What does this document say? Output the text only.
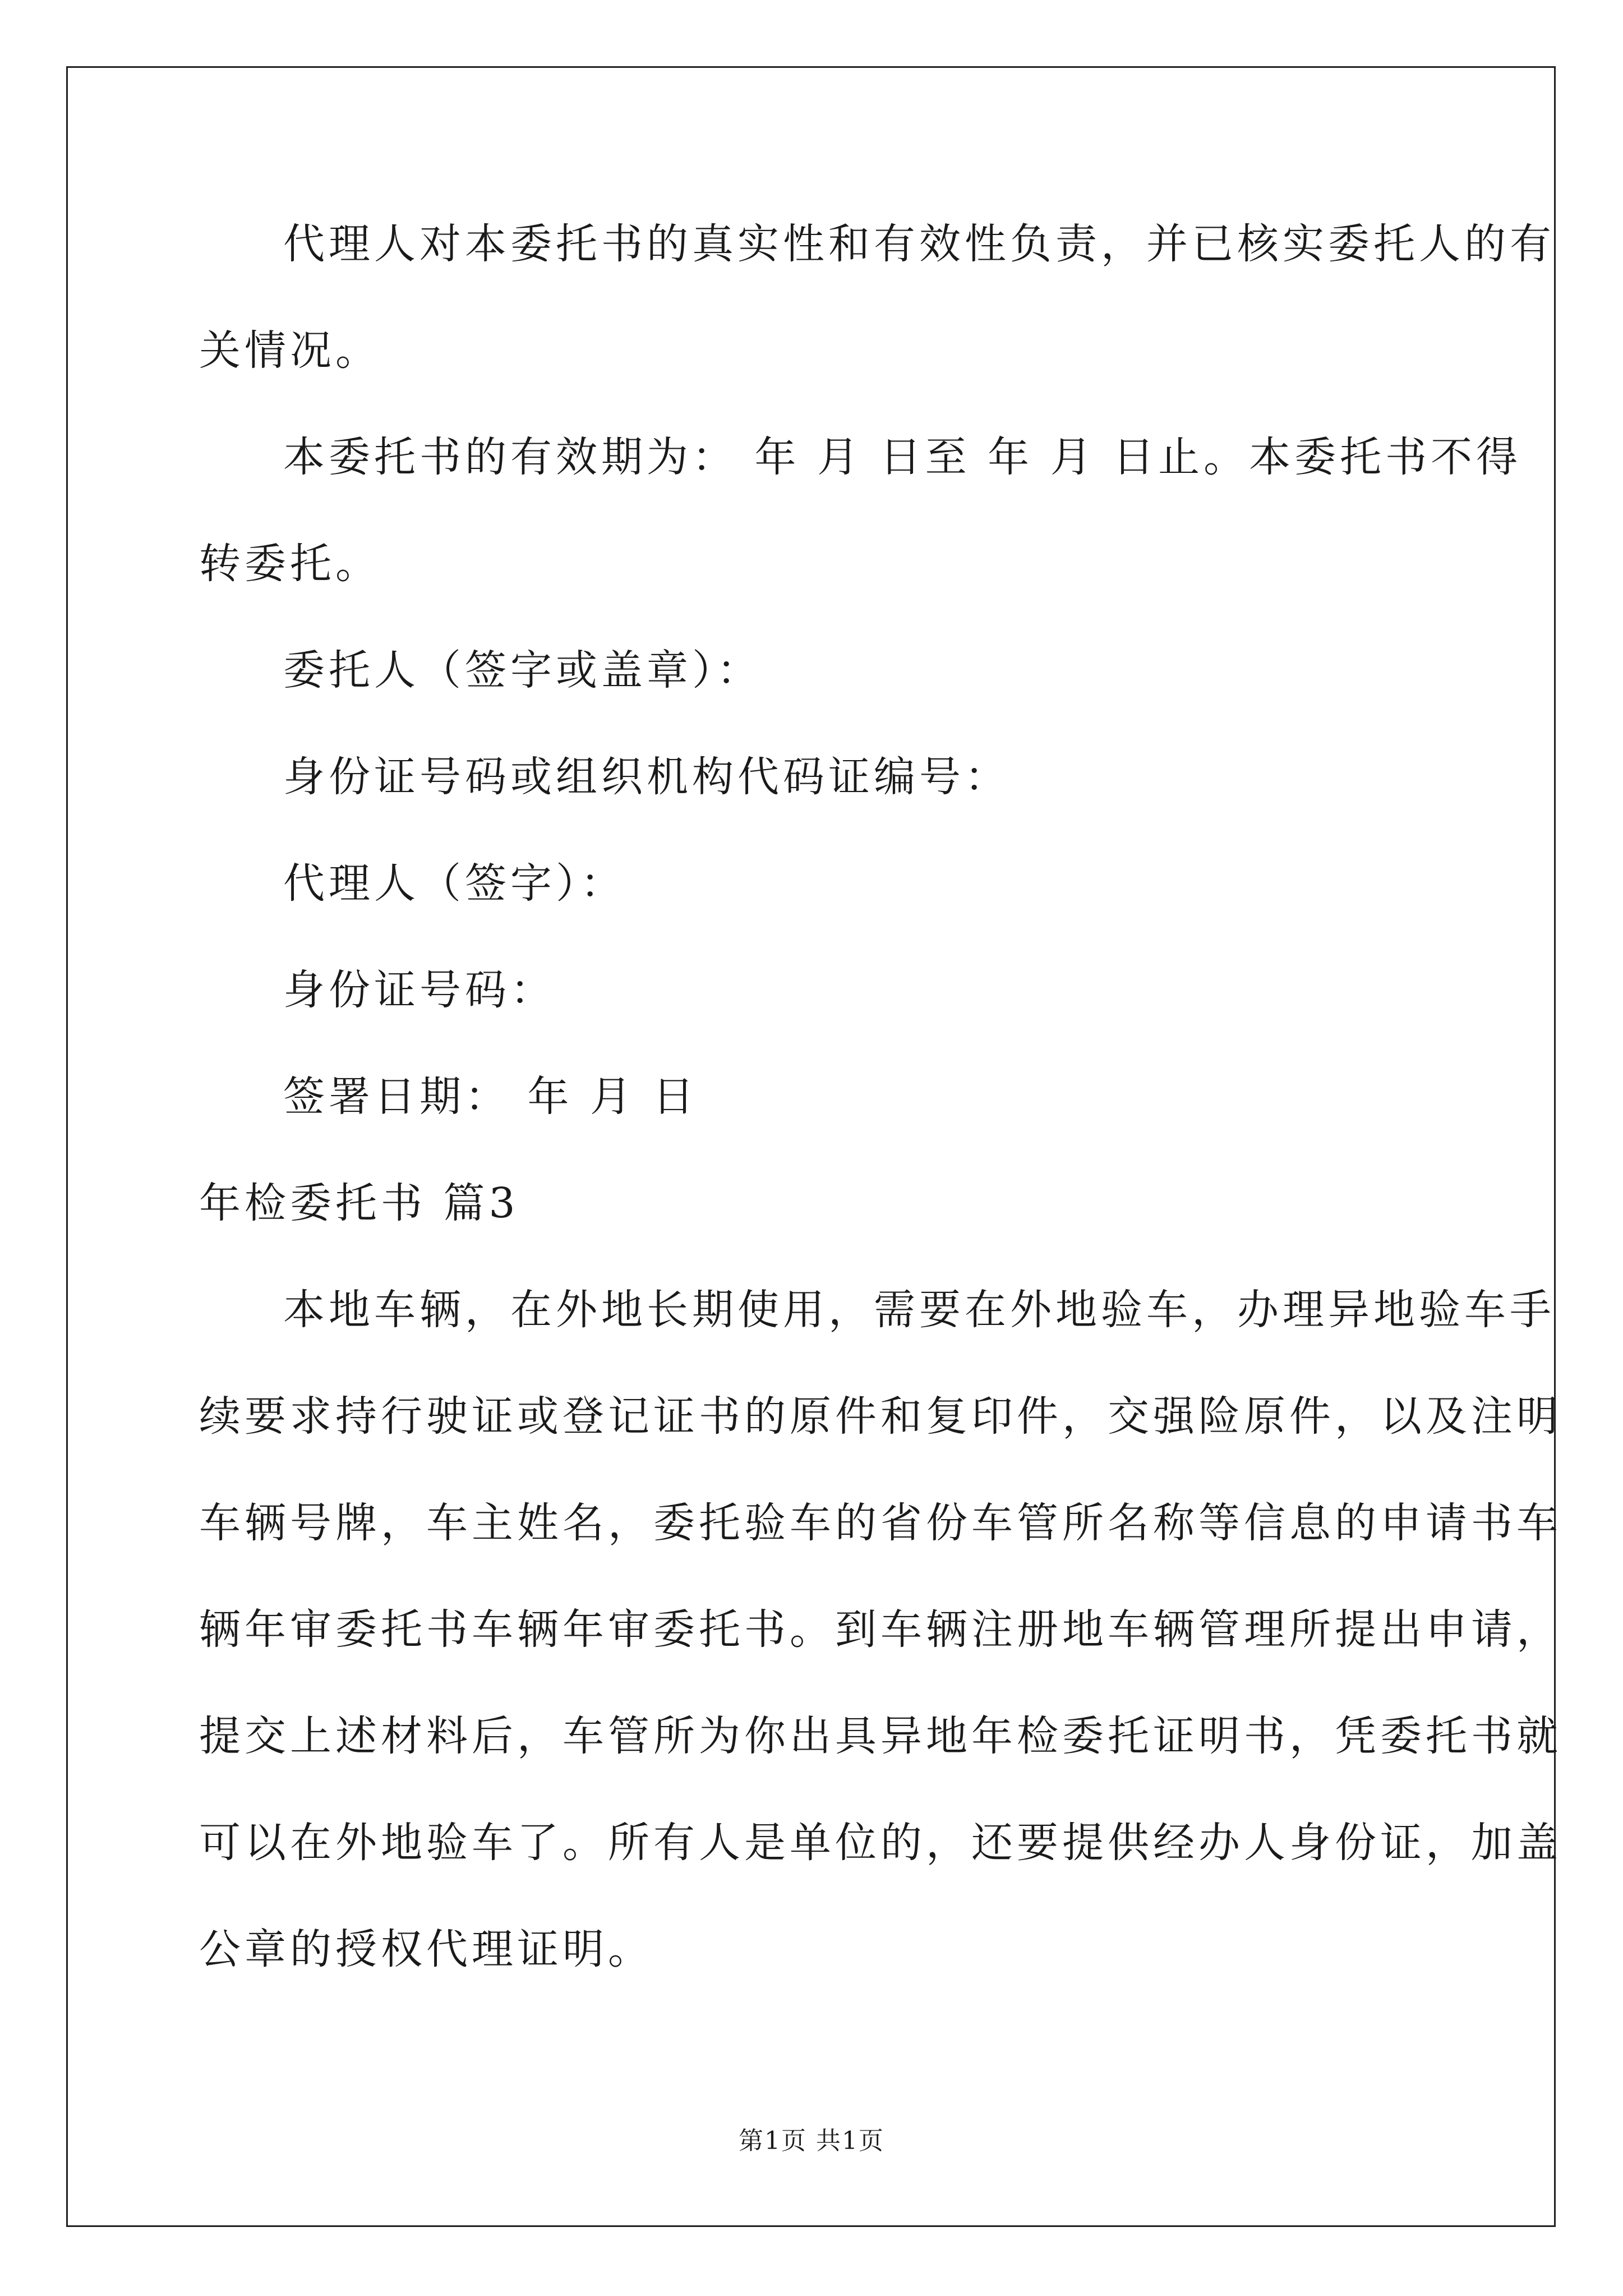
代理人对本委托书的真实性和有效性负责，并已核实委托人的有
关情况。
本委托书的有效期为： 年 月 日至 年 月 日止。本委托书不得
转委托。
委托人（签字或盖章）：
身份证号码或组织机构代码证编号：
代理人（签字）：
身份证号码：
签署日期： 年 月 日
年检委托书 篇3
本地车辆，在外地长期使用，需要在外地验车，办理异地验车手
续要求持行驶证或登记证书的原件和复印件，交强险原件，以及注明
车辆号牌，车主姓名，委托验车的省份车管所名称等信息的申请书车
辆年审委托书车辆年审委托书。到车辆注册地车辆管理所提出申请，
提交上述材料后，车管所为你出具异地年检委托证明书，凭委托书就
可以在外地验车了。所有人是单位的，还要提供经办人身份证，加盖
公章的授权代理证明。
第1页 共1页
